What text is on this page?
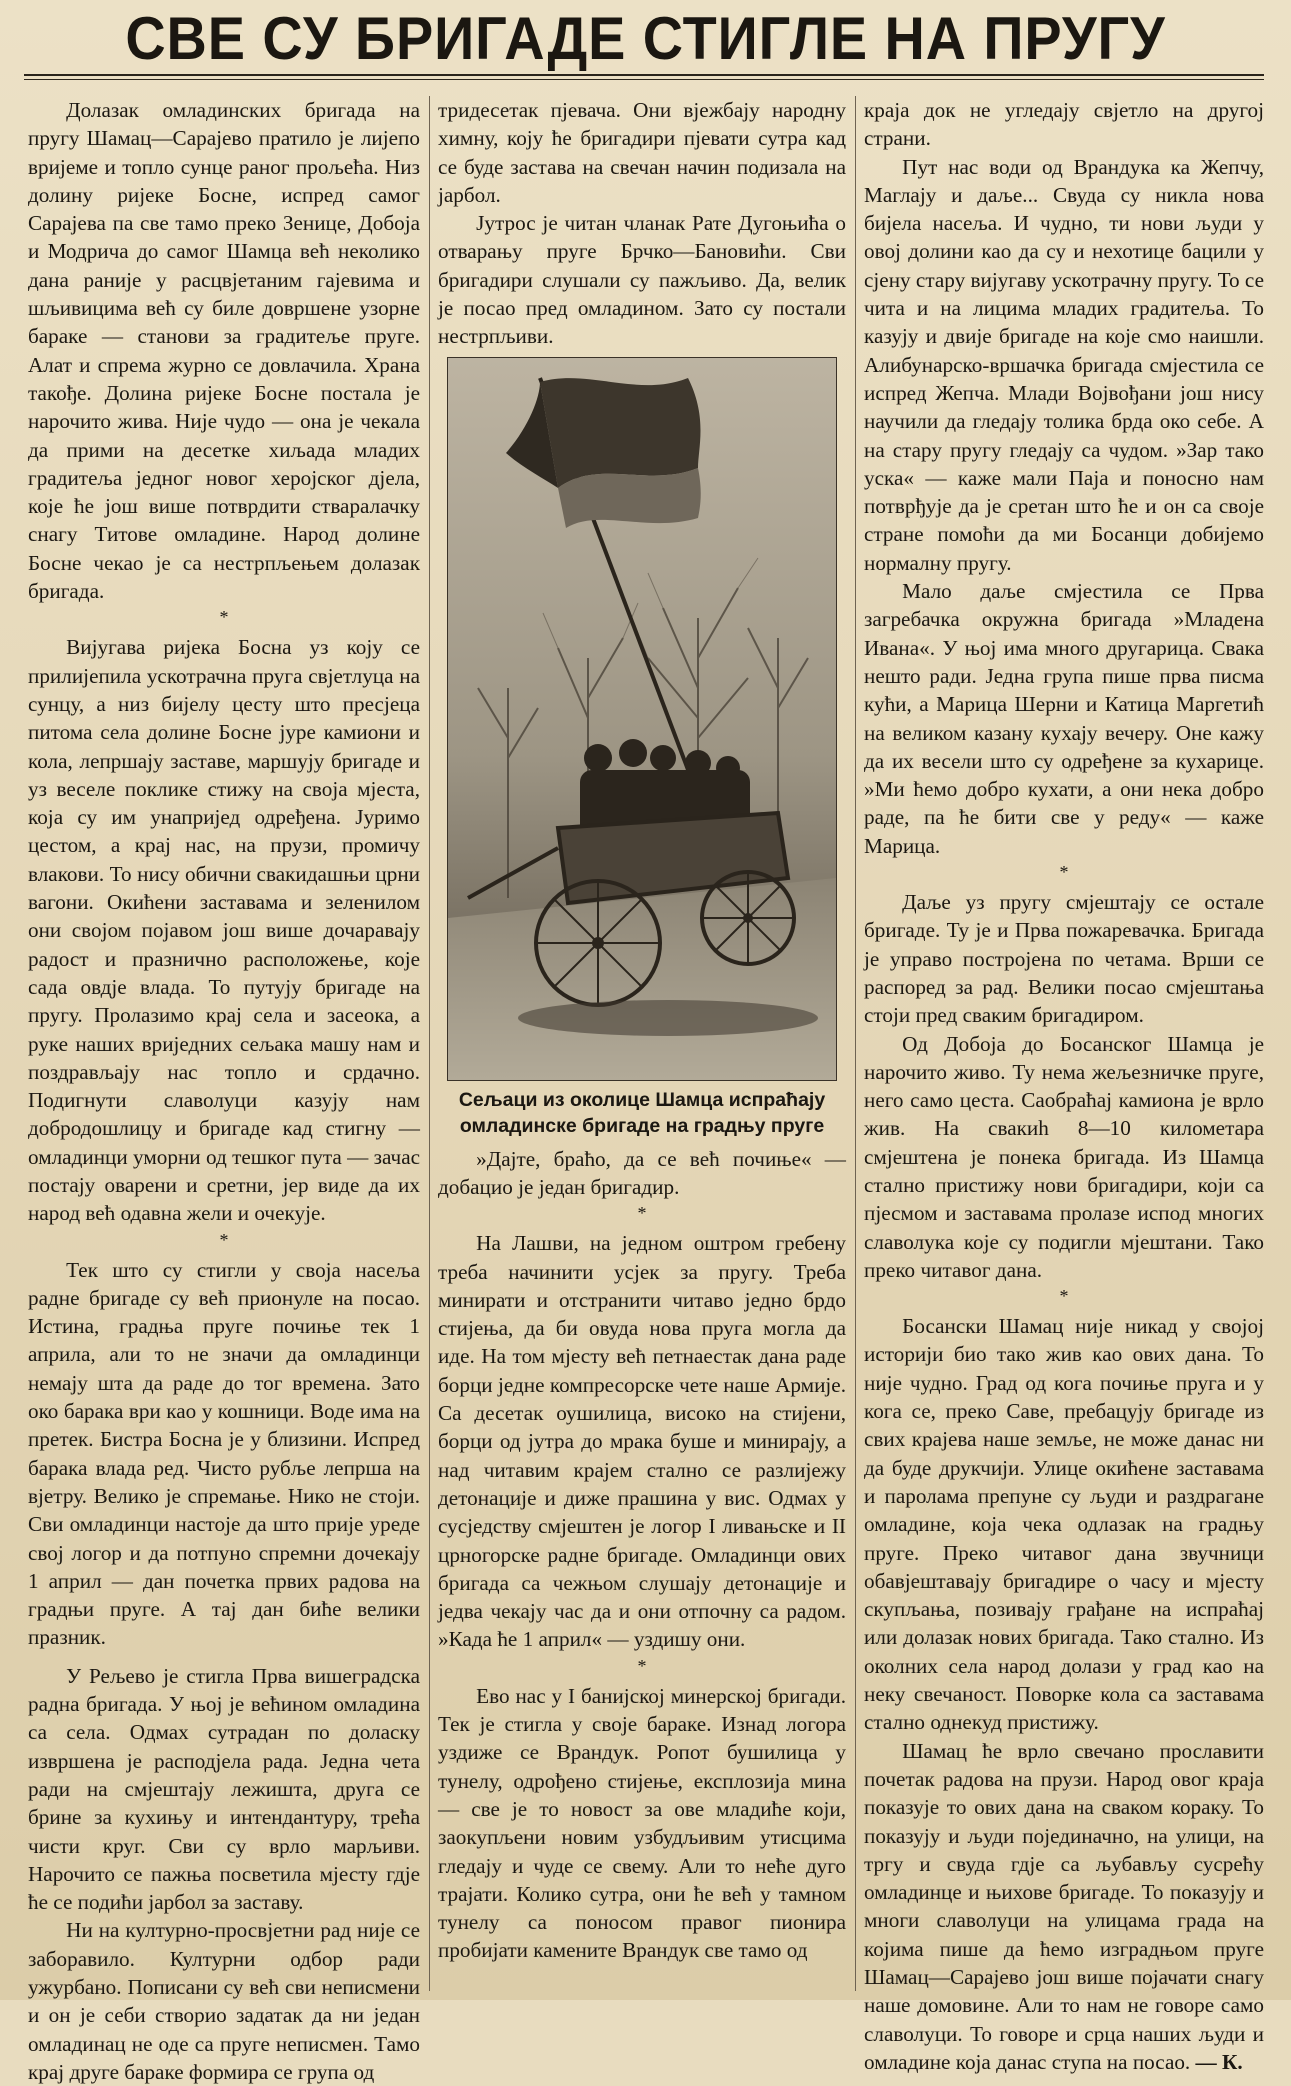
СВЕ СУ БРИГАДЕ СТИГЛЕ НА ПРУГУ

Долазак омладинских бригада на пругу Шамац—Сарајево пратило је лијепо вријеме и топло сунце раног прољећа. Низ долину ријеке Босне, испред самог Сарајева па све тамо преко Зенице, Добоја и Модрича до самог Шамца већ неколико дана раније у расцвјетаним гајевима и шљивицима већ су биле довршене узорне бараке — станови за градитеље пруге. Алат и спрема журно се довлачила. Храна такође. Долина ријеке Босне постала је нарочито жива. Није чудо — она је чекала да прими на десетке хиљада младих градитеља једног новог херојског дјела, које ће још више потврдити стваралачку снагу Титове омладине. Народ долине Босне чекао је са нестрпљењем долазак бригада.

*

Вијугава ријека Босна уз коју се прилијепила ускотрачна пруга свјетлуца на сунцу, а низ бијелу цесту што пресјеца питома села долине Босне јуре камиони и кола, лепршају заставе, маршују бригаде и уз веселе поклике стижу на своја мјеста, која су им унапријед одређена. Јуримо цестом, а крај нас, на прузи, промичу влакови. То нису обични свакидашњи црни вагони. Окићени заставама и зеленилом они својом појавом још више дочаравају радост и празнично расположење, које сада овдје влада. То путују бригаде на пругу. Пролазимо крај села и засеока, а руке наших вриједних сељака машу нам и поздрављају нас топло и срдачно. Подигнути славолуци казују нам добродошлицу и бригаде кад стигну — омладинци уморни од тешког пута — зачас постају оварени и сретни, јер виде да их народ већ одавна жели и очекује.

*

Тек што су стигли у своја насеља радне бригаде су већ прионуле на посао. Истина, градња пруге почиње тек 1 априла, али то не значи да омладинци немају шта да раде до тог времена. Зато око барака ври као у кошници. Воде има на претек. Бистра Босна је у близини. Испред барака влада ред. Чисто рубље лепрша на вјетру. Велико је спремање. Нико не стоји. Сви омладинци настоје да што прије уреде свој логор и да потпуно спремни дочекају 1 април — дан почетка првих радова на градњи пруге. А тај дан биће велики празник.

У Рељево је стигла Прва вишеградска радна бригада. У њој је већином омладина са села. Одмах сутрадан по доласку извршена је расподјела рада. Једна чета ради на смјештају лежишта, друга се брине за кухињу и интендантуру, трећа чисти круг. Сви су врло марљиви. Нарочито се пажња посветила мјесту гдје ће се подићи јарбол за заставу.

Ни на културно-просвјетни рад није се заборавило. Културни одбор ради ужурбано. Пописани су већ сви неписмени и он је себи створио задатак да ни један омладинац не оде са пруге неписмен. Тамо крај друге бараке формира се група од

тридесетак пјевача. Они вјежбају народну химну, коју ће бригадири пјевати сутра кад се буде застава на свечан начин подизала на јарбол.

Јутрос је читан чланак Рате Дугоњића о отварању пруге Брчко—Бановићи. Сви бригадири слушали су пажљиво. Да, велик је посао пред омладином. Зато су постали нестрпљиви.

Сељаци из околице Шамца испраћају омладинске бригаде на градњу пруге

»Дајте, браћо, да се већ почиње« — добацио је један бригадир.

*

На Лашви, на једном оштром гребену треба начинити усјек за пругу. Треба минирати и отстранити читаво једно брдо стијења, да би овуда нова пруга могла да иде. На том мјесту већ петнаестак дана раде борци једне компресорске чете наше Армије. Са десетак оушилица, високо на стијени, борци од јутра до мрака буше и минирају, а над читавим крајем стално се разлијежу детонације и диже прашина у вис. Одмах у сусједству смјештен је логор I ливањске и II црногорске радне бригаде. Омладинци ових бригада са чежњом слушају детонације и једва чекају час да и они отпочну са радом. »Када ће 1 април« — уздишу они.

*

Ево нас у I банијској минерској бригади. Тек је стигла у своје бараке. Изнад логора уздиже се Врандук. Ропот бушилица у тунелу, одрођено стијење, експлозија мина — све је то новост за ове младиће који, заокупљени новим узбудљивим утисцима гледају и чуде се свему. Али то неће дуго трајати. Колико сутра, они ће већ у тамном тунелу са поносом правог пионира пробијати камените Врандук све тамо од

краја док не угледају свјетло на другој страни.

Пут нас води од Врандука ка Жепчу, Маглају и даље... Свуда су никла нова бијела насеља. И чудно, ти нови људи у овој долини као да су и нехотице бацили у сјену стару вијугаву ускотрачну пругу. То се чита и на лицима младих градитеља. То казују и двије бригаде на које смо наишли. Алибунарско-вршачка бригада смјестила се испред Жепча. Млади Војвођани још нису научили да гледају толика брда око себе. А на стару пругу гледају са чудом. »Зар тако уска« — каже мали Паја и поносно нам потврђује да је сретан што ће и он са своје стране помоћи да ми Босанци добијемо нормалну пругу.

Мало даље смјестила се Прва загребачка окружна бригада »Младена Ивана«. У њој има много другарица. Свака нешто ради. Једна група пише прва писма кући, а Марица Шерни и Катица Маргетић на великом казану кухају вечеру. Оне кажу да их весели што су одређене за кухарице. »Ми ћемо добро кухати, а они нека добро раде, па ће бити све у реду« — каже Марица.

*

Даље уз пругу смјештају се остале бригаде. Ту је и Прва пожаревачка. Бригада је управо постројена по четама. Врши се распоред за рад. Велики посао смјештања стоји пред сваким бригадиром.

Од Добоја до Босанског Шамца је нарочито живо. Ту нема жељезничке пруге, него само цеста. Саобраћај камиона је врло жив. На свакиh 8—10 километара смјештена је понека бригада. Из Шамца стално пристижу нови бригадири, који са пјесмом и заставама пролазе испод многих славолука које су подигли мјештани. Тако преко читавог дана.

*

Босански Шамац није никад у својој историји био тако жив као ових дана. То није чудно. Град од кога почиње пруга и у кога се, преко Саве, пребацују бригаде из свих крајева наше земље, не може данас ни да буде друкчији. Улице окићене заставама и паролама препуне су људи и раздрагане омладине, која чека одлазак на градњу пруге. Преко читавог дана звучници обавјештавају бригадире о часу и мјесту скупљања, позивају грађане на испраћај или долазак нових бригада. Тако стално. Из околних села народ долази у град као на неку свечаност. Поворке кола са заставама стално однекуд пристижу.

Шамац ће врло свечано прославити почетак радова на прузи. Народ овог краја показује то ових дана на сваком кораку. То показују и људи појединачно, на улици, на тргу и свуда гдје са љубављу сусрећу омладинце и њихове бригаде. То показују и многи славолуци на улицама града на којима пише да ћемо изградњом пруге Шамац—Сарајево још више појачати снагу наше домовине. Али то нам не говоре само славолуци. То говоре и срца наших људи и омладине која данас ступа на посао. — К.
